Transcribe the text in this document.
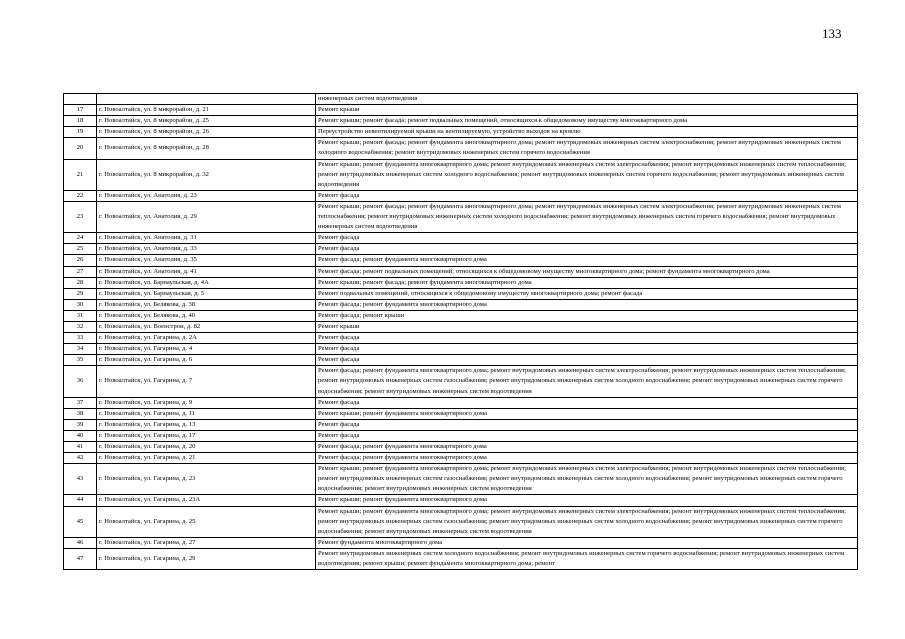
133
		инженерных систем водоотведения
17	г. Новоалтайск, ул. 8 микрорайон, д. 21	Ремонт крыши
18	г. Новоалтайск, ул. 8 микрорайон, д. 25	Ремонт крыши; ремонт фасада; ремонт подвальных помещений, относящихся к общедомовому имуществу многоквартирного дома
19	г. Новоалтайск, ул. 8 микрорайон, д. 26	Переустройство невентилируемой крыши на вентилируемую, устройство выходов на кровлю
20	г. Новоалтайск, ул. 8 микрорайон, д. 28	Ремонт крыши; ремонт фасада; ремонт фундамента многоквартирного дома; ремонт внутридомовых инженерных систем электроснабжения; ремонт внутридомовых инженерных систем холодного водоснабжения; ремонт внутридомовых инженерных систем горячего водоснабжения
21	г. Новоалтайск, ул. 8 микрорайон, д. 32	Ремонт крыши; ремонт фундамента многоквартирного дома; ремонт внутридомовых инженерных систем электроснабжения; ремонт внутридомовых инженерных систем теплоснабжения; ремонт внутридомовых инженерных систем холодного водоснабжения; ремонт внутридомовых инженерных систем горячего водоснабжения; ремонт внутридомовых инженерных систем водоотведения
22	г. Новоалтайск, ул. Анатолия, д. 23	Ремонт фасада
23	г. Новоалтайск, ул. Анатолия, д. 29	Ремонт крыши; ремонт фасада; ремонт фундамента многоквартирного дома; ремонт внутридомовых инженерных систем электроснабжения; ремонт внутридомовых инженерных систем теплоснабжения; ремонт внутридомовых инженерных систем холодного водоснабжения; ремонт внутридомовых инженерных систем горячего водоснабжения; ремонт внутридомовых инженерных систем водоотведения
24	г. Новоалтайск, ул. Анатолия, д. 31	Ремонт фасада
25	г. Новоалтайск, ул. Анатолия, д. 33	Ремонт фасада
26	г. Новоалтайск, ул. Анатолия, д. 35	Ремонт фасада; ремонт фундамента многоквартирного дома
27	г. Новоалтайск, ул. Анатолия, д. 41	Ремонт фасада; ремонт подвальных помещений, относящихся к общедомовому имуществу многоквартирного дома; ремонт фундамента многоквартирного дома
28	г. Новоалтайск, ул. Барнаульская, д. 4А	Ремонт крыши; ремонт фасада; ремонт фундамента многоквартирного дома
29	г. Новоалтайск, ул. Барнаульская, д. 5	Ремонт подвальных помещений, относящихся к общедомовому имуществу многоквартирного дома; ремонт фасада
30	г. Новоалтайск, ул. Белякова, д. 38	Ремонт фасада; ремонт фундамента многоквартирного дома
31	г. Новоалтайск, ул. Белякова, д. 40	Ремонт фасада; ремонт крыши
32	г. Новоалтайск, ул. Военстрои, д. 82	Ремонт крыши
33	г. Новоалтайск, ул. Гагарина, д. 2А	Ремонт фасада
34	г. Новоалтайск, ул. Гагарина, д. 4	Ремонт фасада
35	г. Новоалтайск, ул. Гагарина, д. 6	Ремонт фасада
36	г. Новоалтайск, ул. Гагарина, д. 7	Ремонт фасада; ремонт фундамента многоквартирного дома; ремонт внутридомовых инженерных систем электроснабжения; ремонт внутридомовых инженерных систем теплоснабжения; ремонт внутридомовых инженерных систем газоснабжения; ремонт внутридомовых инженерных систем холодного водоснабжения; ремонт внутридомовых инженерных систем горячего водоснабжения; ремонт внутридомовых инженерных систем водоотведения
37	г. Новоалтайск, ул. Гагарина, д. 9	Ремонт фасада
38	г. Новоалтайск, ул. Гагарина, д. 11	Ремонт крыши; ремонт фундамента многоквартирного дома
39	г. Новоалтайск, ул. Гагарина, д. 13	Ремонт фасада
40	г. Новоалтайск, ул. Гагарина, д. 17	Ремонт фасада
41	г. Новоалтайск, ул. Гагарина, д. 20	Ремонт фасада; ремонт фундамента многоквартирного дома
42	г. Новоалтайск, ул. Гагарина, д. 21	Ремонт фасада; ремонт фундамента многоквартирного дома
43	г. Новоалтайск, ул. Гагарина, д. 23	Ремонт крыши; ремонт фундамента многоквартирного дома; ремонт внутридомовых инженерных систем электроснабжения; ремонт внутридомовых инженерных систем теплоснабжения; ремонт внутридомовых инженерных систем газоснабжения; ремонт внутридомовых инженерных систем холодного водоснабжения; ремонт внутридомовых инженерных систем горячего водоснабжения; ремонт внутридомовых инженерных систем водоотведения
44	г. Новоалтайск, ул. Гагарина, д. 23А	Ремонт крыши; ремонт фундамента многоквартирного дома
45	г. Новоалтайск, ул. Гагарина, д. 25	Ремонт крыши; ремонт фундамента многоквартирного дома; ремонт внутридомовых инженерных систем электроснабжения; ремонт внутридомовых инженерных систем теплоснабжения; ремонт внутридомовых инженерных систем газоснабжения; ремонт внутридомовых инженерных систем холодного водоснабжения; ремонт внутридомовых инженерных систем горячего водоснабжения; ремонт внутридомовых инженерных систем водоотведения
46	г. Новоалтайск, ул. Гагарина, д. 27	Ремонт фундамента многоквартирного дома
47	г. Новоалтайск, ул. Гагарина, д. 29	Ремонт внутридомовых инженерных систем холодного водоснабжения; ремонт внутридомовых инженерных систем горячего водоснабжения; ремонт внутридомовых инженерных систем водоотведения; ремонт крыши; ремонт фундамента многоквартирного дома; ремонт
